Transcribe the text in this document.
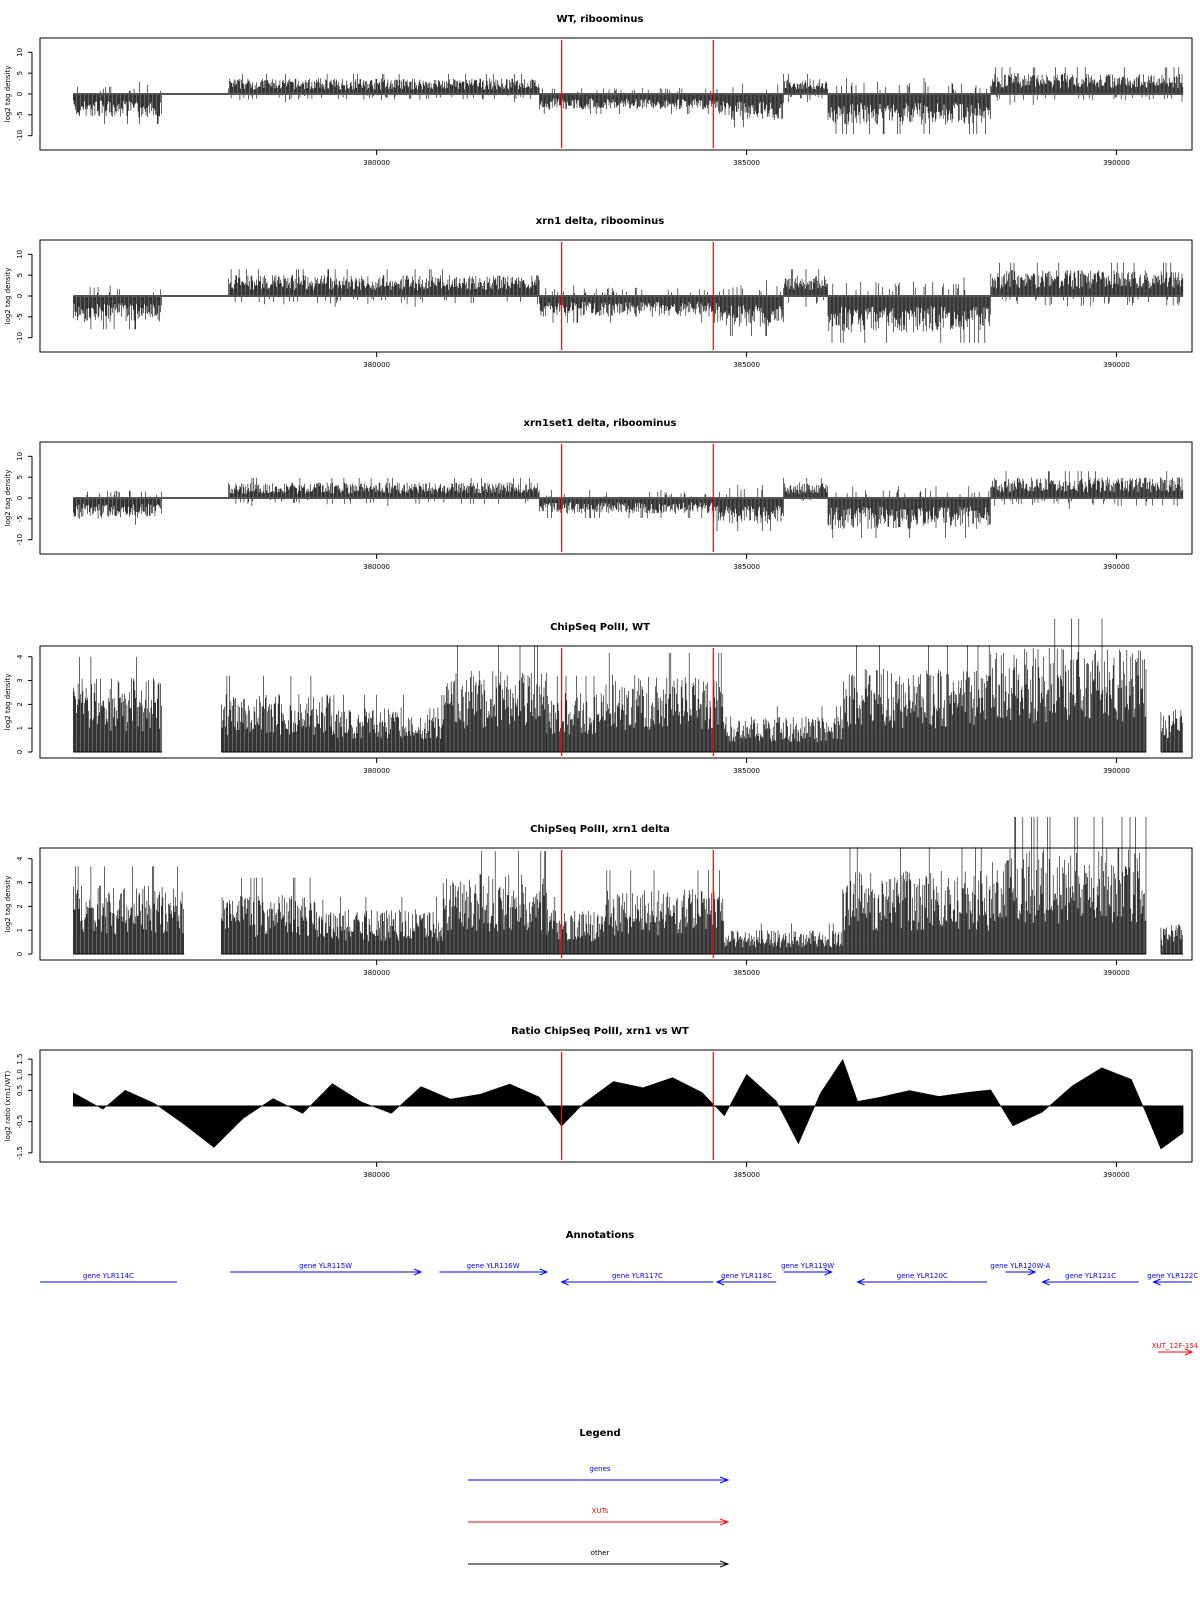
WT, riboominus
-10
-5
0
5
10
log2 tag density
380000	385000	390000
xrn1 delta, riboominus
-10
-5
0
5
10
log2 tag density
380000	385000	390000
xrn1set1 delta, riboominus
-10
-5
0
5
10
log2 tag density
380000	385000	390000
ChipSeq PolII, WT
0
1
2
3
4
log2 tag density
380000	385000	390000
ChipSeq PolII, xrn1 delta
0
1
2
3
4
log2 tag density
380000	385000	390000
Ratio ChipSeq PolII, xrn1 vs WT
-1.5
-0.5
0.5
1.0
1.5
log2 ratio (xrn1/WT)
380000	385000	390000
Annotations
gene YLR114C
gene YLR115W	gene YLR116W
gene YLR117C	gene YLR118C
gene YLR119W
gene YLR120C
gene YLR120W-A
gene YLR121C	gene YLR122C
XUT_12F-154
Legend
genes
XUTs
other
